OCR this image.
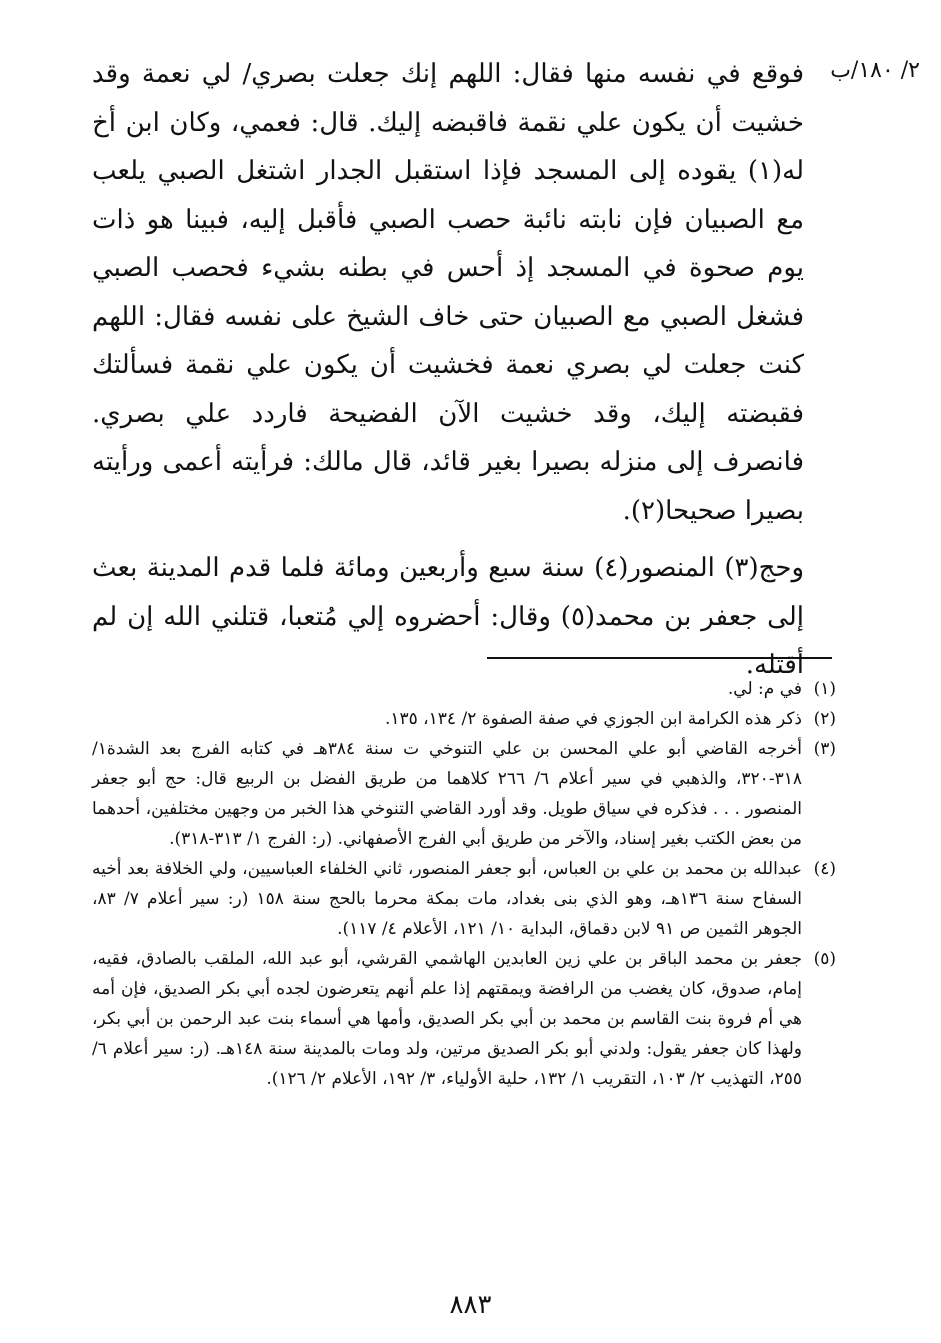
٢/ ١٨٠/ب

فوقع في نفسه منها فقال: اللهم إنك جعلت بصري/ لي نعمة وقد خشيت أن يكون علي نقمة فاقبضه إليك. قال: فعمي، وكان ابن أخ له(١) يقوده إلى المسجد فإذا استقبل الجدار اشتغل الصبي يلعب مع الصبيان فإن نابته نائبة حصب الصبي فأقبل إليه، فبينا هو ذات يوم صحوة في المسجد إذ أحس في بطنه بشيء فحصب الصبي فشغل الصبي مع الصبيان حتى خاف الشيخ على نفسه فقال: اللهم كنت جعلت لي بصري نعمة فخشيت أن يكون علي نقمة فسألتك فقبضته إليك، وقد خشيت الآن الفضيحة فاردد علي بصري. فانصرف إلى منزله بصيرا بغير قائد، قال مالك: فرأيته أعمى ورأيته بصيرا صحيحا(٢).

وحج(٣) المنصور(٤) سنة سبع وأربعين ومائة فلما قدم المدينة بعث إلى جعفر بن محمد(٥) وقال: أحضروه إلي مُتعبا، قتلني الله إن لم أقتله.

(١)
في م: لي.
(٢)
ذكر هذه الكرامة ابن الجوزي في صفة الصفوة ٢/ ١٣٤، ١٣٥.
(٣)
أخرجه القاضي أبو علي المحسن بن علي التنوخي ت سنة ٣٨٤هـ في كتابه الفرج بعد الشدة١/ ٣١٨-٣٢٠، والذهبي في سير أعلام ٦/ ٢٦٦ كلاهما من طريق الفضل بن الربيع قال: حج أبو جعفر المنصور . . . فذكره في سياق طويل. وقد أورد القاضي التنوخي هذا الخبر من وجهين مختلفين، أحدهما من بعض الكتب بغير إسناد، والآخر من طريق أبي الفرج الأصفهاني. (ر: الفرج ١/ ٣١٣-٣١٨).
(٤)
عبدالله بن محمد بن علي بن العباس، أبو جعفر المنصور، ثاني الخلفاء العباسيين، ولي الخلافة بعد أخيه السفاح سنة ١٣٦هـ، وهو الذي بنى بغداد، مات بمكة محرما بالحج سنة ١٥٨ (ر: سير أعلام ٧/ ٨٣، الجوهر الثمين ص ٩١ لابن دقماق، البداية ١٠/ ١٢١، الأعلام ٤/ ١١٧).
(٥)
جعفر بن محمد الباقر بن علي زين العابدين الهاشمي القرشي، أبو عبد الله، الملقب بالصادق، فقيه، إمام، صدوق، كان يغضب من الرافضة ويمقتهم إذا علم أنهم يتعرضون لجده أبي بكر الصديق، فإن أمه هي أم فروة بنت القاسم بن محمد بن أبي بكر الصديق، وأمها هي أسماء بنت عبد الرحمن بن أبي بكر، ولهذا كان جعفر يقول: ولدني أبو بكر الصديق مرتين، ولد ومات بالمدينة سنة ١٤٨هـ. (ر: سير أعلام ٦/ ٢٥٥، التهذيب ٢/ ١٠٣، التقريب ١/ ١٣٢، حلية الأولياء، ٣/ ١٩٢، الأعلام ٢/ ١٢٦).
٨٨٣
